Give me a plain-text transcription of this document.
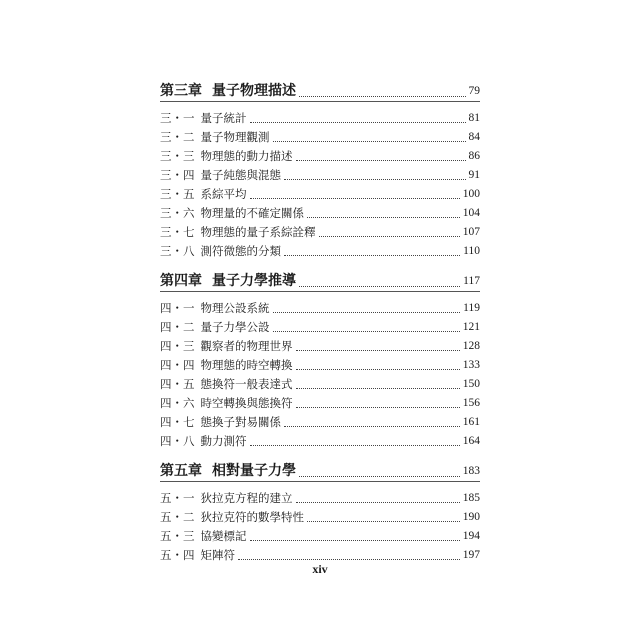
第三章 量子物理描述	79
三・一 量子統計	81
三・二 量子物理觀測	84
三・三 物理態的動力描述	86
三・四 量子純態與混態	91
三・五 系綜平均	100
三・六 物理量的不確定關係	104
三・七 物理態的量子系綜詮釋	107
三・八 測符微態的分類	110
第四章 量子力學推導	117
四・一 物理公設系統	119
四・二 量子力學公設	121
四・三 觀察者的物理世界	128
四・四 物理態的時空轉換	133
四・五 態換符一般表達式	150
四・六 時空轉換與態換符	156
四・七 態換子對易關係	161
四・八 動力測符	164
第五章 相對量子力學	183
五・一 狄拉克方程的建立	185
五・二 狄拉克符的數學特性	190
五・三 協變標記	194
五・四 矩陣符	197
xiv
